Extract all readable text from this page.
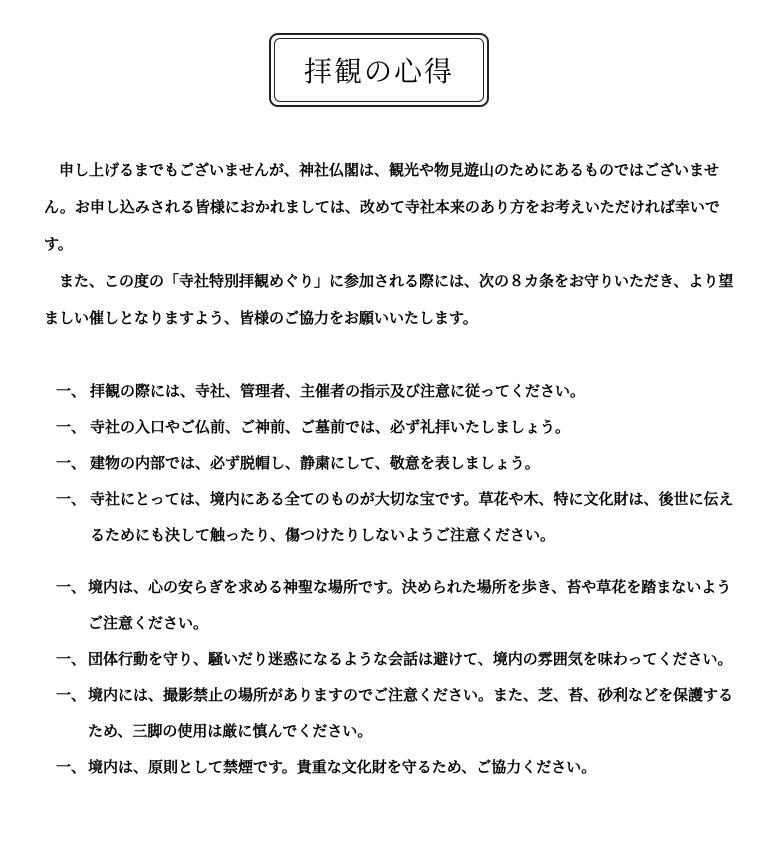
拝観の心得

申し上げるまでもございませんが、神社仏閣は、観光や物見遊山のためにあるものではございません。お申し込みされる皆様におかれましては、改めて寺社本来のあり方をお考えいただければ幸いです。

また、この度の「寺社特別拝観めぐり」に参加される際には、次の８カ条をお守りいただき、より望ましい催しとなりますよう、皆様のご協力をお願いいたします。

一、 拝観の際には、寺社、管理者、主催者の指示及び注意に従ってください。
一、 寺社の入口やご仏前、ご神前、ご墓前では、必ず礼拝いたしましょう。
一、 建物の内部では、必ず脱帽し、静粛にして、敬意を表しましょう。
一、 寺社にとっては、境内にある全てのものが大切な宝です。草花や木、特に文化財は、後世に伝えるためにも決して触ったり、傷つけたりしないようご注意ください。
一、 境内は、心の安らぎを求める神聖な場所です。決められた場所を歩き、苔や草花を踏まないようご注意ください。
一、 団体行動を守り、騒いだり迷惑になるような会話は避けて、境内の雰囲気を味わってください。
一、 境内には、撮影禁止の場所がありますのでご注意ください。また、芝、苔、砂利などを保護するため、三脚の使用は厳に慎んでください。
一、 境内は、原則として禁煙です。貴重な文化財を守るため、ご協力ください。
